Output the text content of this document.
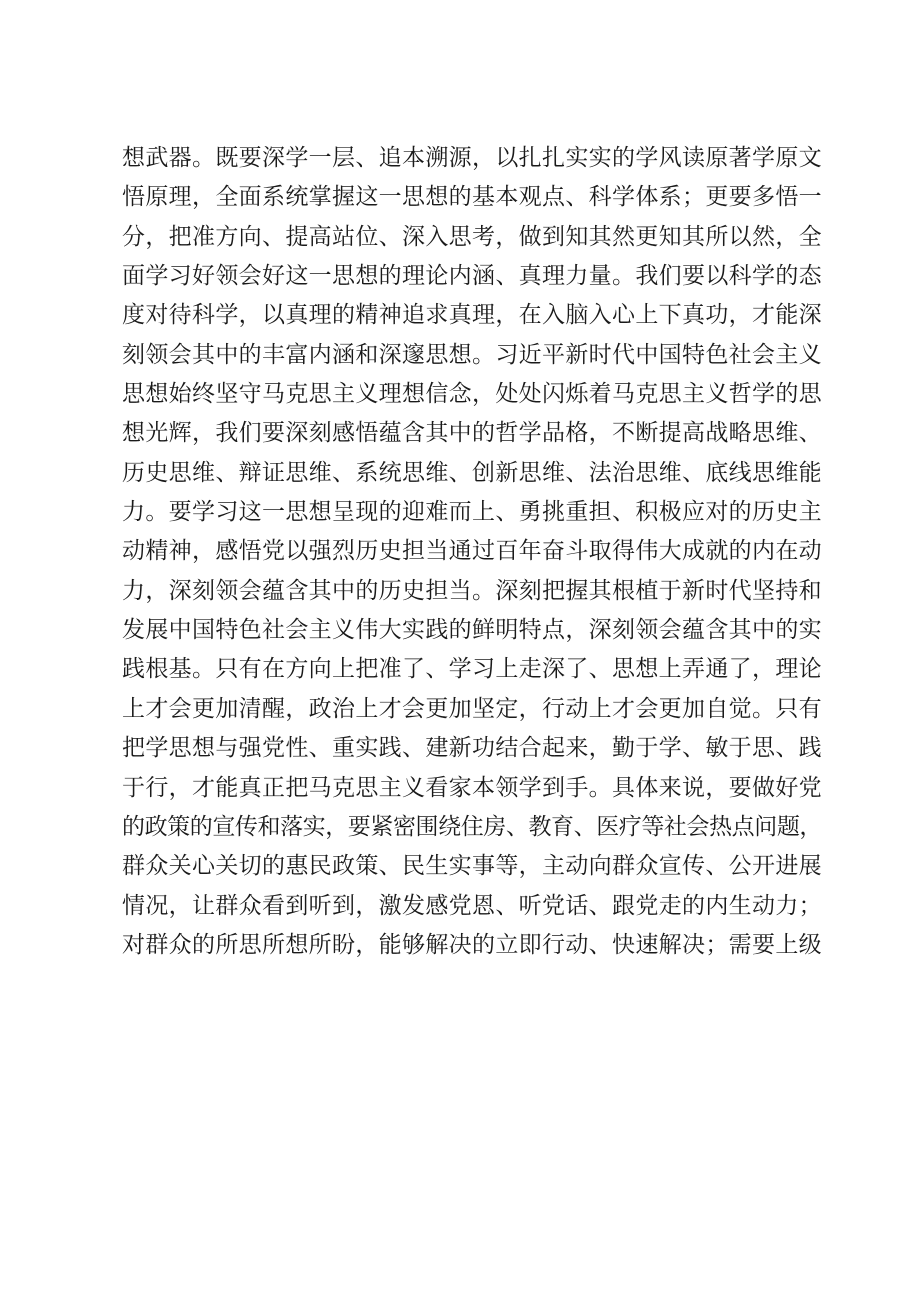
想武器。既要深学一层、追本溯源，以扎扎实实的学风读原著学原文
悟原理，全面系统掌握这一思想的基本观点、科学体系；更要多悟一
分，把准方向、提高站位、深入思考，做到知其然更知其所以然，全
面学习好领会好这一思想的理论内涵、真理力量。我们要以科学的态
度对待科学，以真理的精神追求真理，在入脑入心上下真功，才能深
刻领会其中的丰富内涵和深邃思想。习近平新时代中国特色社会主义
思想始终坚守马克思主义理想信念，处处闪烁着马克思主义哲学的思
想光辉，我们要深刻感悟蕴含其中的哲学品格，不断提高战略思维、
历史思维、辩证思维、系统思维、创新思维、法治思维、底线思维能
力。要学习这一思想呈现的迎难而上、勇挑重担、积极应对的历史主
动精神，感悟党以强烈历史担当通过百年奋斗取得伟大成就的内在动
力，深刻领会蕴含其中的历史担当。深刻把握其根植于新时代坚持和
发展中国特色社会主义伟大实践的鲜明特点，深刻领会蕴含其中的实
践根基。只有在方向上把准了、学习上走深了、思想上弄通了，理论
上才会更加清醒，政治上才会更加坚定，行动上才会更加自觉。只有
把学思想与强党性、重实践、建新功结合起来，勤于学、敏于思、践
于行，才能真正把马克思主义看家本领学到手。具体来说，要做好党
的政策的宣传和落实，要紧密围绕住房、教育、医疗等社会热点问题，
群众关心关切的惠民政策、民生实事等，主动向群众宣传、公开进展
情况，让群众看到听到，激发感党恩、听党话、跟党走的内生动力；
对群众的所思所想所盼，能够解决的立即行动、快速解决；需要上级
